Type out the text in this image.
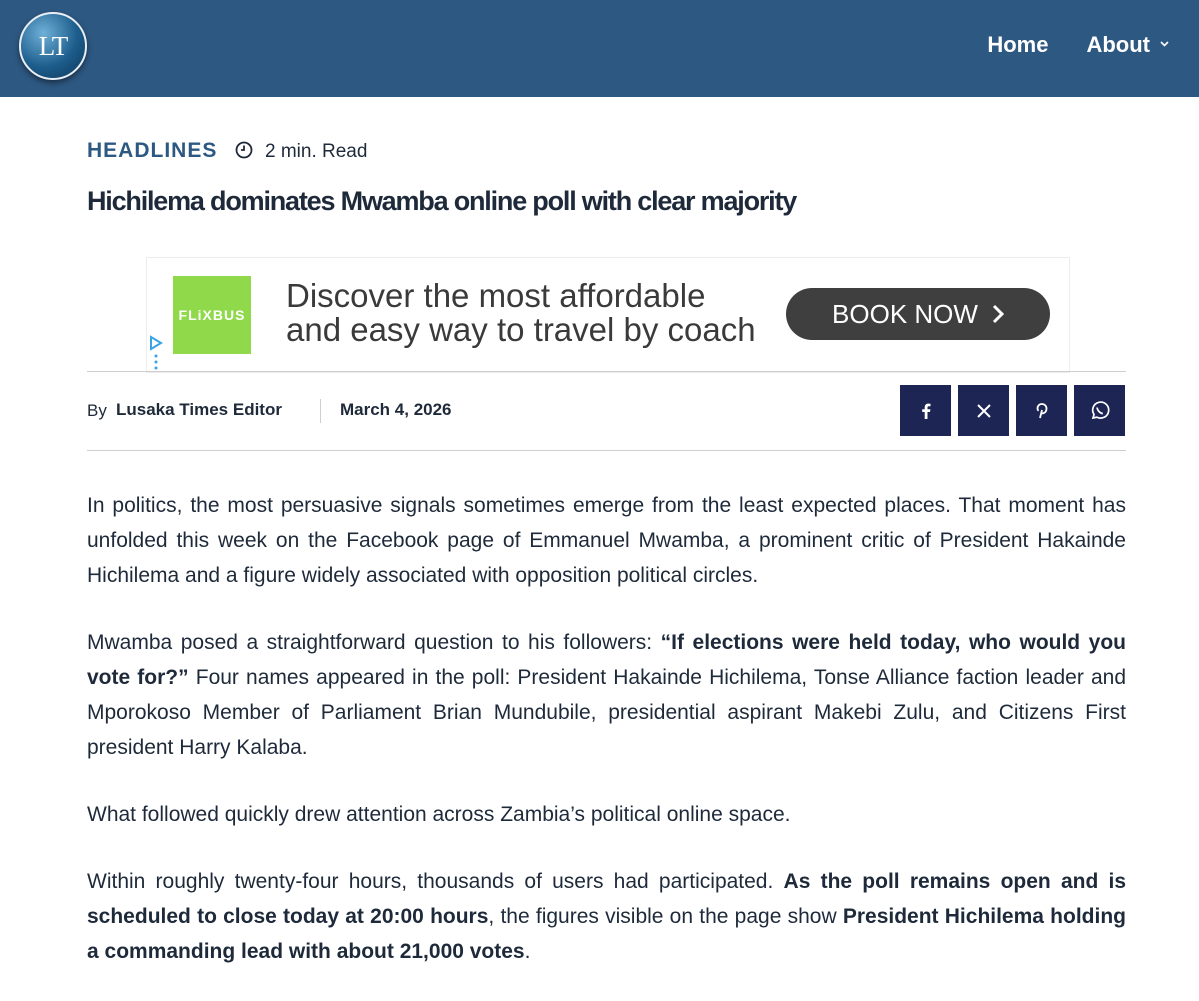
LT	Home About
HEADLINES	2 min. Read
Hichilema dominates Mwamba online poll with clear majority
FLiXBUS
Discover the most affordable
and easy way to travel by coach	BOOK NOW
By Lusaka Times Editor	March 4, 2026

In politics, the most persuasive signals sometimes emerge from the least expected places. That moment has unfolded this week on the Facebook page of Emmanuel Mwamba, a prominent critic of President Hakainde Hichilema and a figure widely associated with opposition political circles.

Mwamba posed a straightforward question to his followers: “If elections were held today, who would you vote for?” Four names appeared in the poll: President Hakainde Hichilema, Tonse Alliance faction leader and Mporokoso Member of Parliament Brian Mundubile, presidential aspirant Makebi Zulu, and Citizens First president Harry Kalaba.

What followed quickly drew attention across Zambia’s political online space.

Within roughly twenty-four hours, thousands of users had participated. As the poll remains open and is scheduled to close today at 20:00 hours, the figures visible on the page show President Hichilema holding a commanding lead with about 21,000 votes.
